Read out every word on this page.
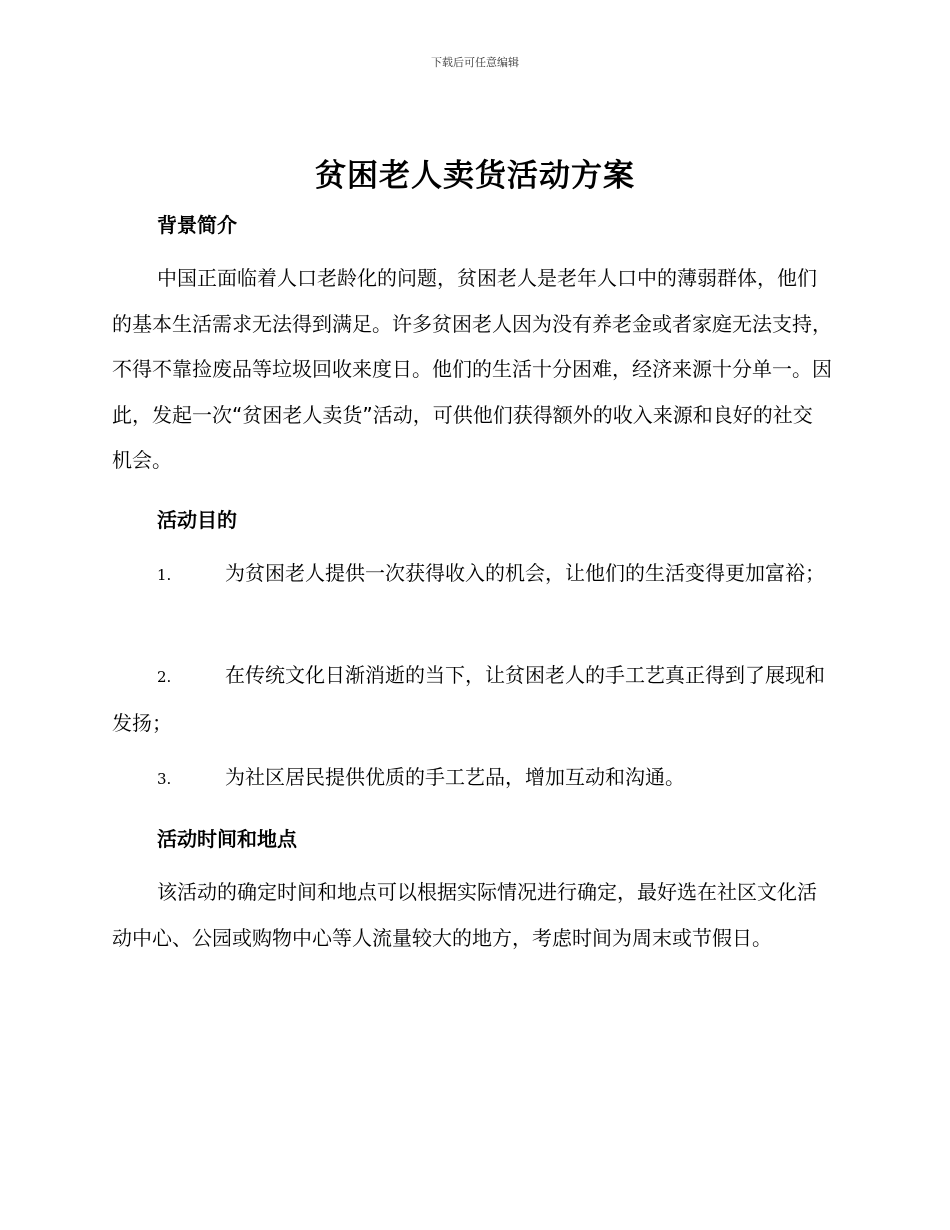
下载后可任意编辑
贫困老人卖货活动方案
背景简介

中国正面临着人口老龄化的问题，贫困老人是老年人口中的薄弱群体，他们的基本生活需求无法得到满足。许多贫困老人因为没有养老金或者家庭无法支持，不得不靠捡废品等垃圾回收来度日。他们的生活十分困难，经济来源十分单一。因此，发起一次“贫困老人卖货”活动，可供他们获得额外的收入来源和良好的社交机会。

活动目的
1.	为贫困老人提供一次获得收入的机会，让他们的生活变得更加富裕；
2.	在传统文化日渐消逝的当下，让贫困老人的手工艺真正得到了展现和发扬；
3.	为社区居民提供优质的手工艺品，增加互动和沟通。
活动时间和地点

该活动的确定时间和地点可以根据实际情况进行确定，最好选在社区文化活动中心、公园或购物中心等人流量较大的地方，考虑时间为周末或节假日。
